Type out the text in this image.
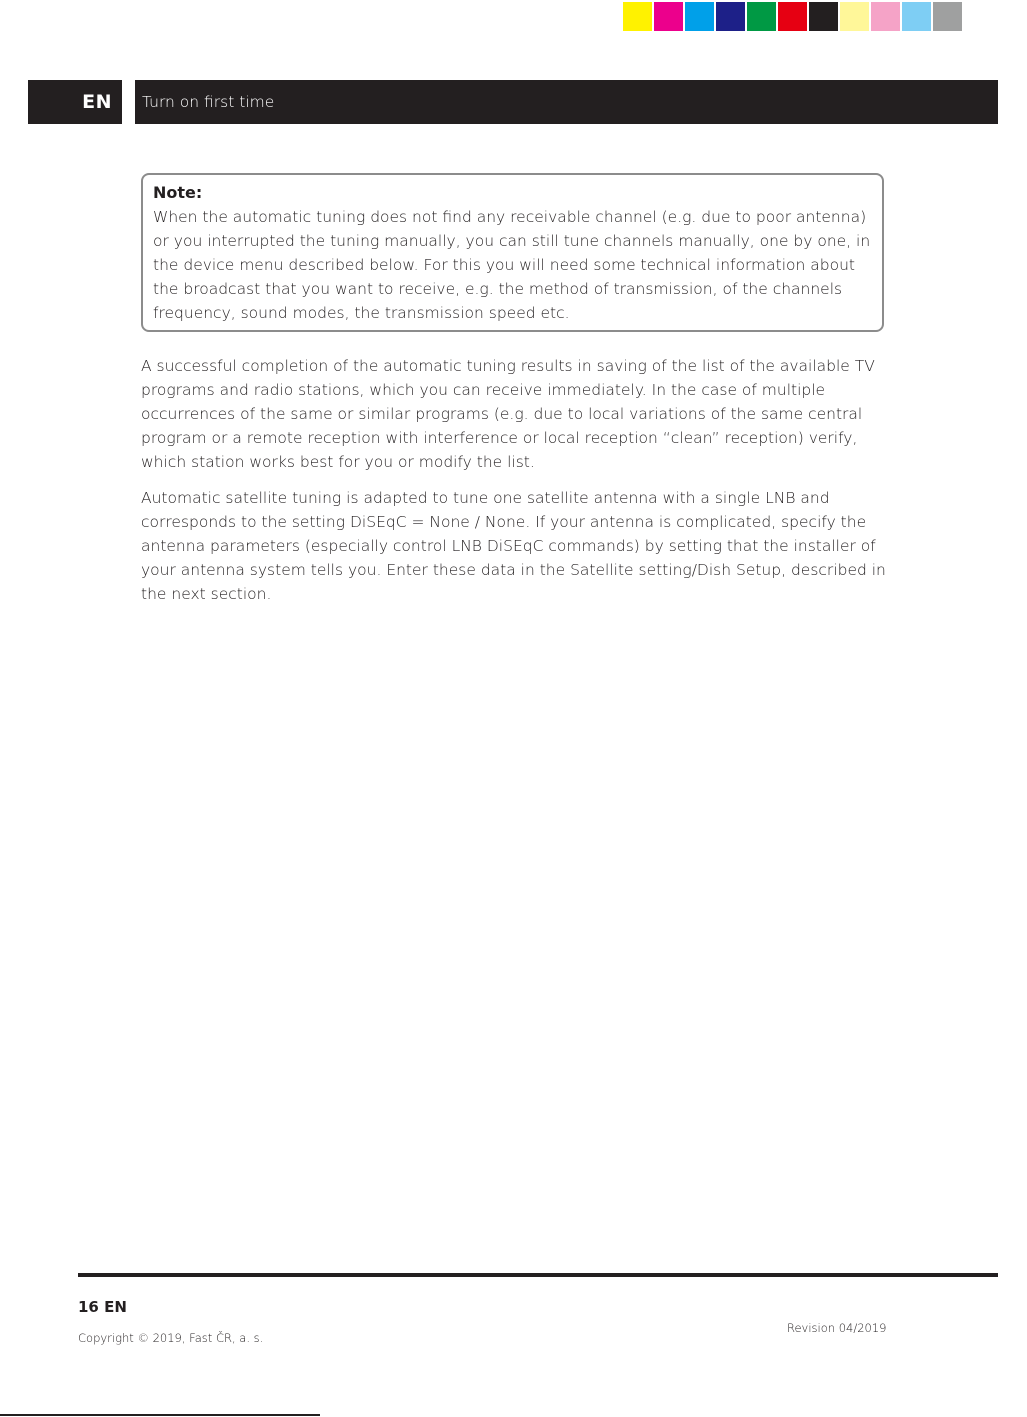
EN Turn on first time

Note:

When the automatic tuning does not find any receivable channel (e.g. due to poor antenna) or you interrupted the tuning manually, you can still tune channels manually, one by one, in the device menu described below. For this you will need some technical information about the broadcast that you want to receive, e.g. the method of transmission, of the channels frequency, sound modes, the transmission speed etc.

A successful completion of the automatic tuning results in saving of the list of the available TV programs and radio stations, which you can receive immediately. In the case of multiple occurrences of the same or similar programs (e.g. due to local variations of the same central program or a remote reception with interference or local reception “clean” reception) verify, which station works best for you or modify the list.

Automatic satellite tuning is adapted to tune one satellite antenna with a single LNB and corresponds to the setting DiSEqC = None / None. If your antenna is complicated, specify the antenna parameters (especially control LNB DiSEqC commands) by setting that the installer of your antenna system tells you. Enter these data in the Satellite setting/Dish Setup, described in the next section.

16 EN
Copyright © 2019, Fast ČR, a. s.
Revision 04/2019
